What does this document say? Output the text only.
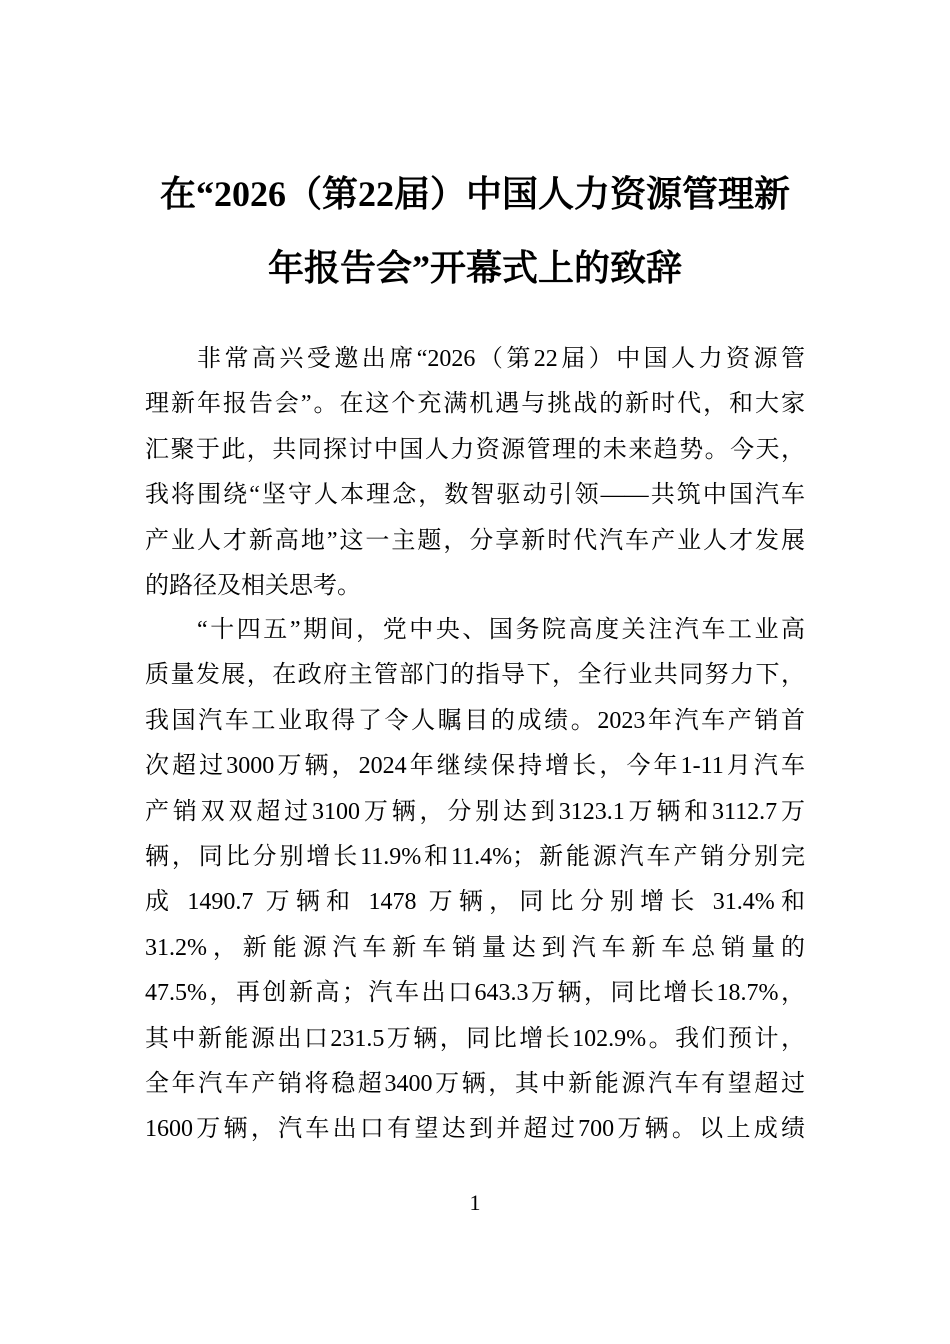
在“2026（第22届）中国人力资源管理新
年报告会”开幕式上的致辞
非常高兴受邀出席“2026（第22届）中国人力资源管
理新年报告会”。在这个充满机遇与挑战的新时代，和大家
汇聚于此，共同探讨中国人力资源管理的未来趋势。今天，
我将围绕“坚守人本理念，数智驱动引领——共筑中国汽车
产业人才新高地”这一主题，分享新时代汽车产业人才发展
的路径及相关思考。
“十四五”期间，党中央、国务院高度关注汽车工业高
质量发展，在政府主管部门的指导下，全行业共同努力下，
我国汽车工业取得了令人瞩目的成绩。2023年汽车产销首
次超过3000万辆，2024年继续保持增长，今年1-11月汽车
产销双双超过3100万辆，分别达到3123.1万辆和3112.7万
辆，同比分别增长11.9%和11.4%；新能源汽车产销分别完
成 1490.7 万辆和 1478 万辆，同比分别增长 31.4%和
31.2%，新能源汽车新车销量达到汽车新车总销量的
47.5%，再创新高；汽车出口643.3万辆，同比增长18.7%，
其中新能源出口231.5万辆，同比增长102.9%。我们预计，
全年汽车产销将稳超3400万辆，其中新能源汽车有望超过
1600万辆，汽车出口有望达到并超过700万辆。以上成绩
1
